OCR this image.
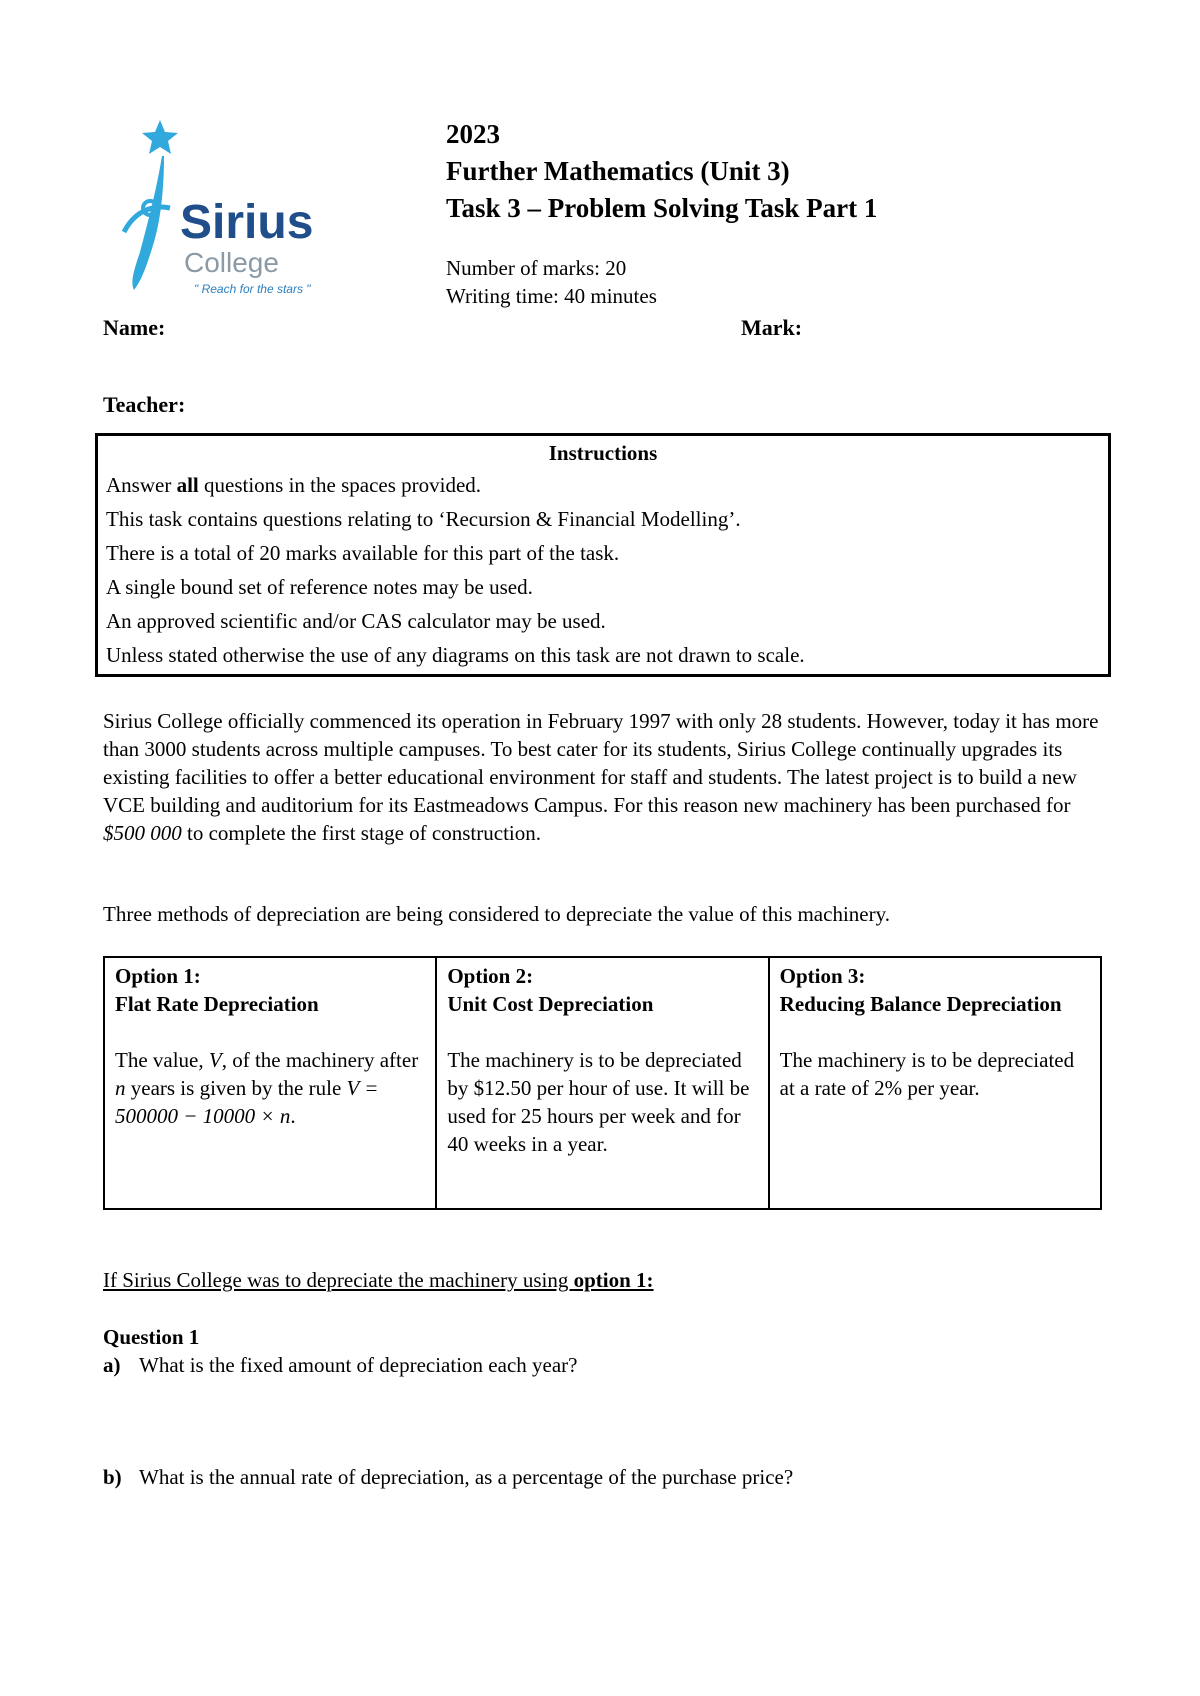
Sirius
College
" Reach for the stars "
2023
Further Mathematics (Unit 3)
Task 3 – Problem Solving Task Part 1
Number of marks: 20
Writing time: 40 minutes
Name:	Mark:
Teacher:
Instructions
Answer all questions in the spaces provided.
This task contains questions relating to ‘Recursion & Financial Modelling’.
There is a total of 20 marks available for this part of the task.
A single bound set of reference notes may be used.
An approved scientific and/or CAS calculator may be used.
Unless stated otherwise the use of any diagrams on this task are not drawn to scale.
Sirius College officially commenced its operation in February 1997 with only 28 students. However, today it has more than 3000 students across multiple campuses. To best cater for its students, Sirius College continually upgrades its existing facilities to offer a better educational environment for staff and students. The latest project is to build a new VCE building and auditorium for its Eastmeadows Campus. For this reason new machinery has been purchased for $500 000 to complete the first stage of construction.
Three methods of depreciation are being considered to depreciate the value of this machinery.
Option 1:
Flat Rate Depreciation
The value, V, of the machinery after n years is given by the rule V = 500000 − 10000 × n.

Option 2:
Unit Cost Depreciation
The machinery is to be depreciated by $12.50 per hour of use. It will be used for 25 hours per week and for 40 weeks in a year.

Option 3:
Reducing Balance Depreciation
The machinery is to be depreciated at a rate of 2% per year.
If Sirius College was to depreciate the machinery using option 1:
Question 1
a) What is the fixed amount of depreciation each year?
b) What is the annual rate of depreciation, as a percentage of the purchase price?
